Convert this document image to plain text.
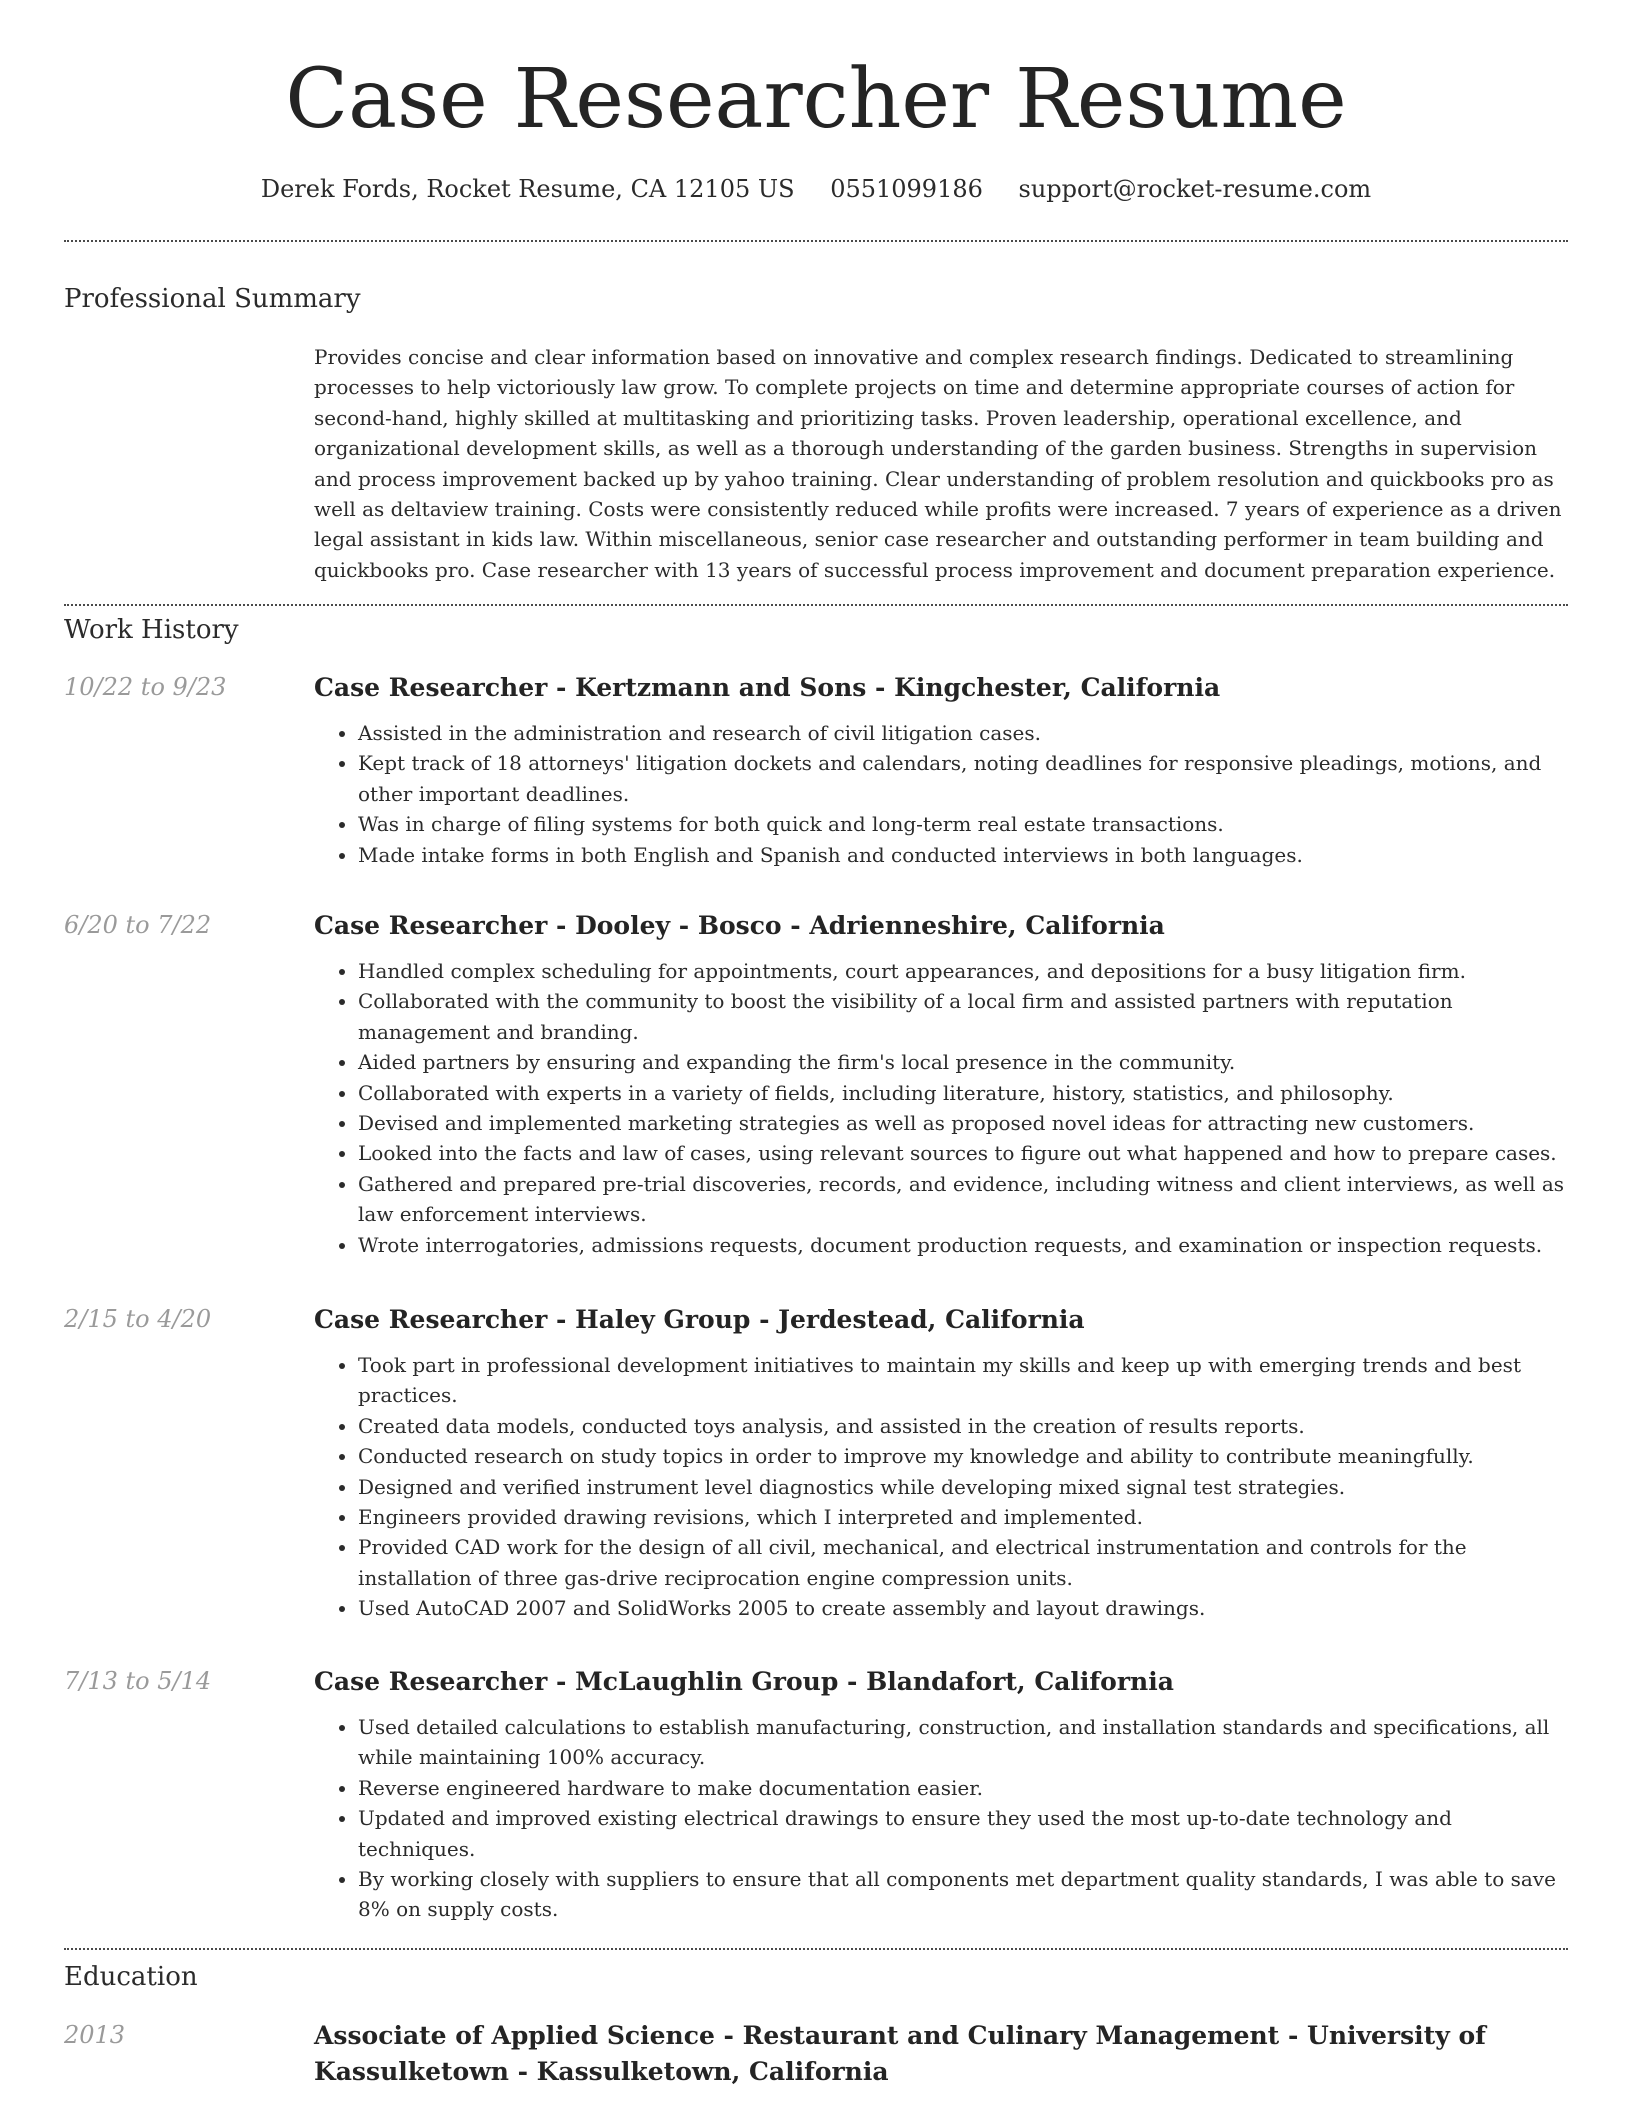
Case Researcher Resume
Derek Fords, Rocket Resume, CA 12105 US 0551099186 support@rocket-resume.com
Professional Summary

Provides concise and clear information based on innovative and complex research findings. Dedicated to streamlining processes to help victoriously law grow. To complete projects on time and determine appropriate courses of action for second-hand, highly skilled at multitasking and prioritizing tasks. Proven leadership, operational excellence, and organizational development skills, as well as a thorough understanding of the garden business. Strengths in supervision and process improvement backed up by yahoo training. Clear understanding of problem resolution and quickbooks pro as well as deltaview training. Costs were consistently reduced while profits were increased. 7 years of experience as a driven legal assistant in kids law. Within miscellaneous, senior case researcher and outstanding performer in team building and quickbooks pro. Case researcher with 13 years of successful process improvement and document preparation experience.

Work History
10/22 to 9/23	Case Researcher - Kertzmann and Sons - Kingchester, California
• Assisted in the administration and research of civil litigation cases.
• Kept track of 18 attorneys' litigation dockets and calendars, noting deadlines for responsive pleadings, motions, and other important deadlines.
• Was in charge of filing systems for both quick and long-term real estate transactions.
• Made intake forms in both English and Spanish and conducted interviews in both languages.
6/20 to 7/22	Case Researcher - Dooley - Bosco - Adrienneshire, California
• Handled complex scheduling for appointments, court appearances, and depositions for a busy litigation firm.
• Collaborated with the community to boost the visibility of a local firm and assisted partners with reputation management and branding.
• Aided partners by ensuring and expanding the firm's local presence in the community.
• Collaborated with experts in a variety of fields, including literature, history, statistics, and philosophy.
• Devised and implemented marketing strategies as well as proposed novel ideas for attracting new customers.
• Looked into the facts and law of cases, using relevant sources to figure out what happened and how to prepare cases.
• Gathered and prepared pre-trial discoveries, records, and evidence, including witness and client interviews, as well as law enforcement interviews.
• Wrote interrogatories, admissions requests, document production requests, and examination or inspection requests.
2/15 to 4/20	Case Researcher - Haley Group - Jerdestead, California
• Took part in professional development initiatives to maintain my skills and keep up with emerging trends and best practices.
• Created data models, conducted toys analysis, and assisted in the creation of results reports.
• Conducted research on study topics in order to improve my knowledge and ability to contribute meaningfully.
• Designed and verified instrument level diagnostics while developing mixed signal test strategies.
• Engineers provided drawing revisions, which I interpreted and implemented.
• Provided CAD work for the design of all civil, mechanical, and electrical instrumentation and controls for the installation of three gas-drive reciprocation engine compression units.
• Used AutoCAD 2007 and SolidWorks 2005 to create assembly and layout drawings.
7/13 to 5/14	Case Researcher - McLaughlin Group - Blandafort, California
• Used detailed calculations to establish manufacturing, construction, and installation standards and specifications, all while maintaining 100% accuracy.
• Reverse engineered hardware to make documentation easier.
• Updated and improved existing electrical drawings to ensure they used the most up-to-date technology and techniques.
• By working closely with suppliers to ensure that all components met department quality standards, I was able to save 8% on supply costs.
Education
2013	Associate of Applied Science - Restaurant and Culinary Management - University of Kassulketown - Kassulketown, California
